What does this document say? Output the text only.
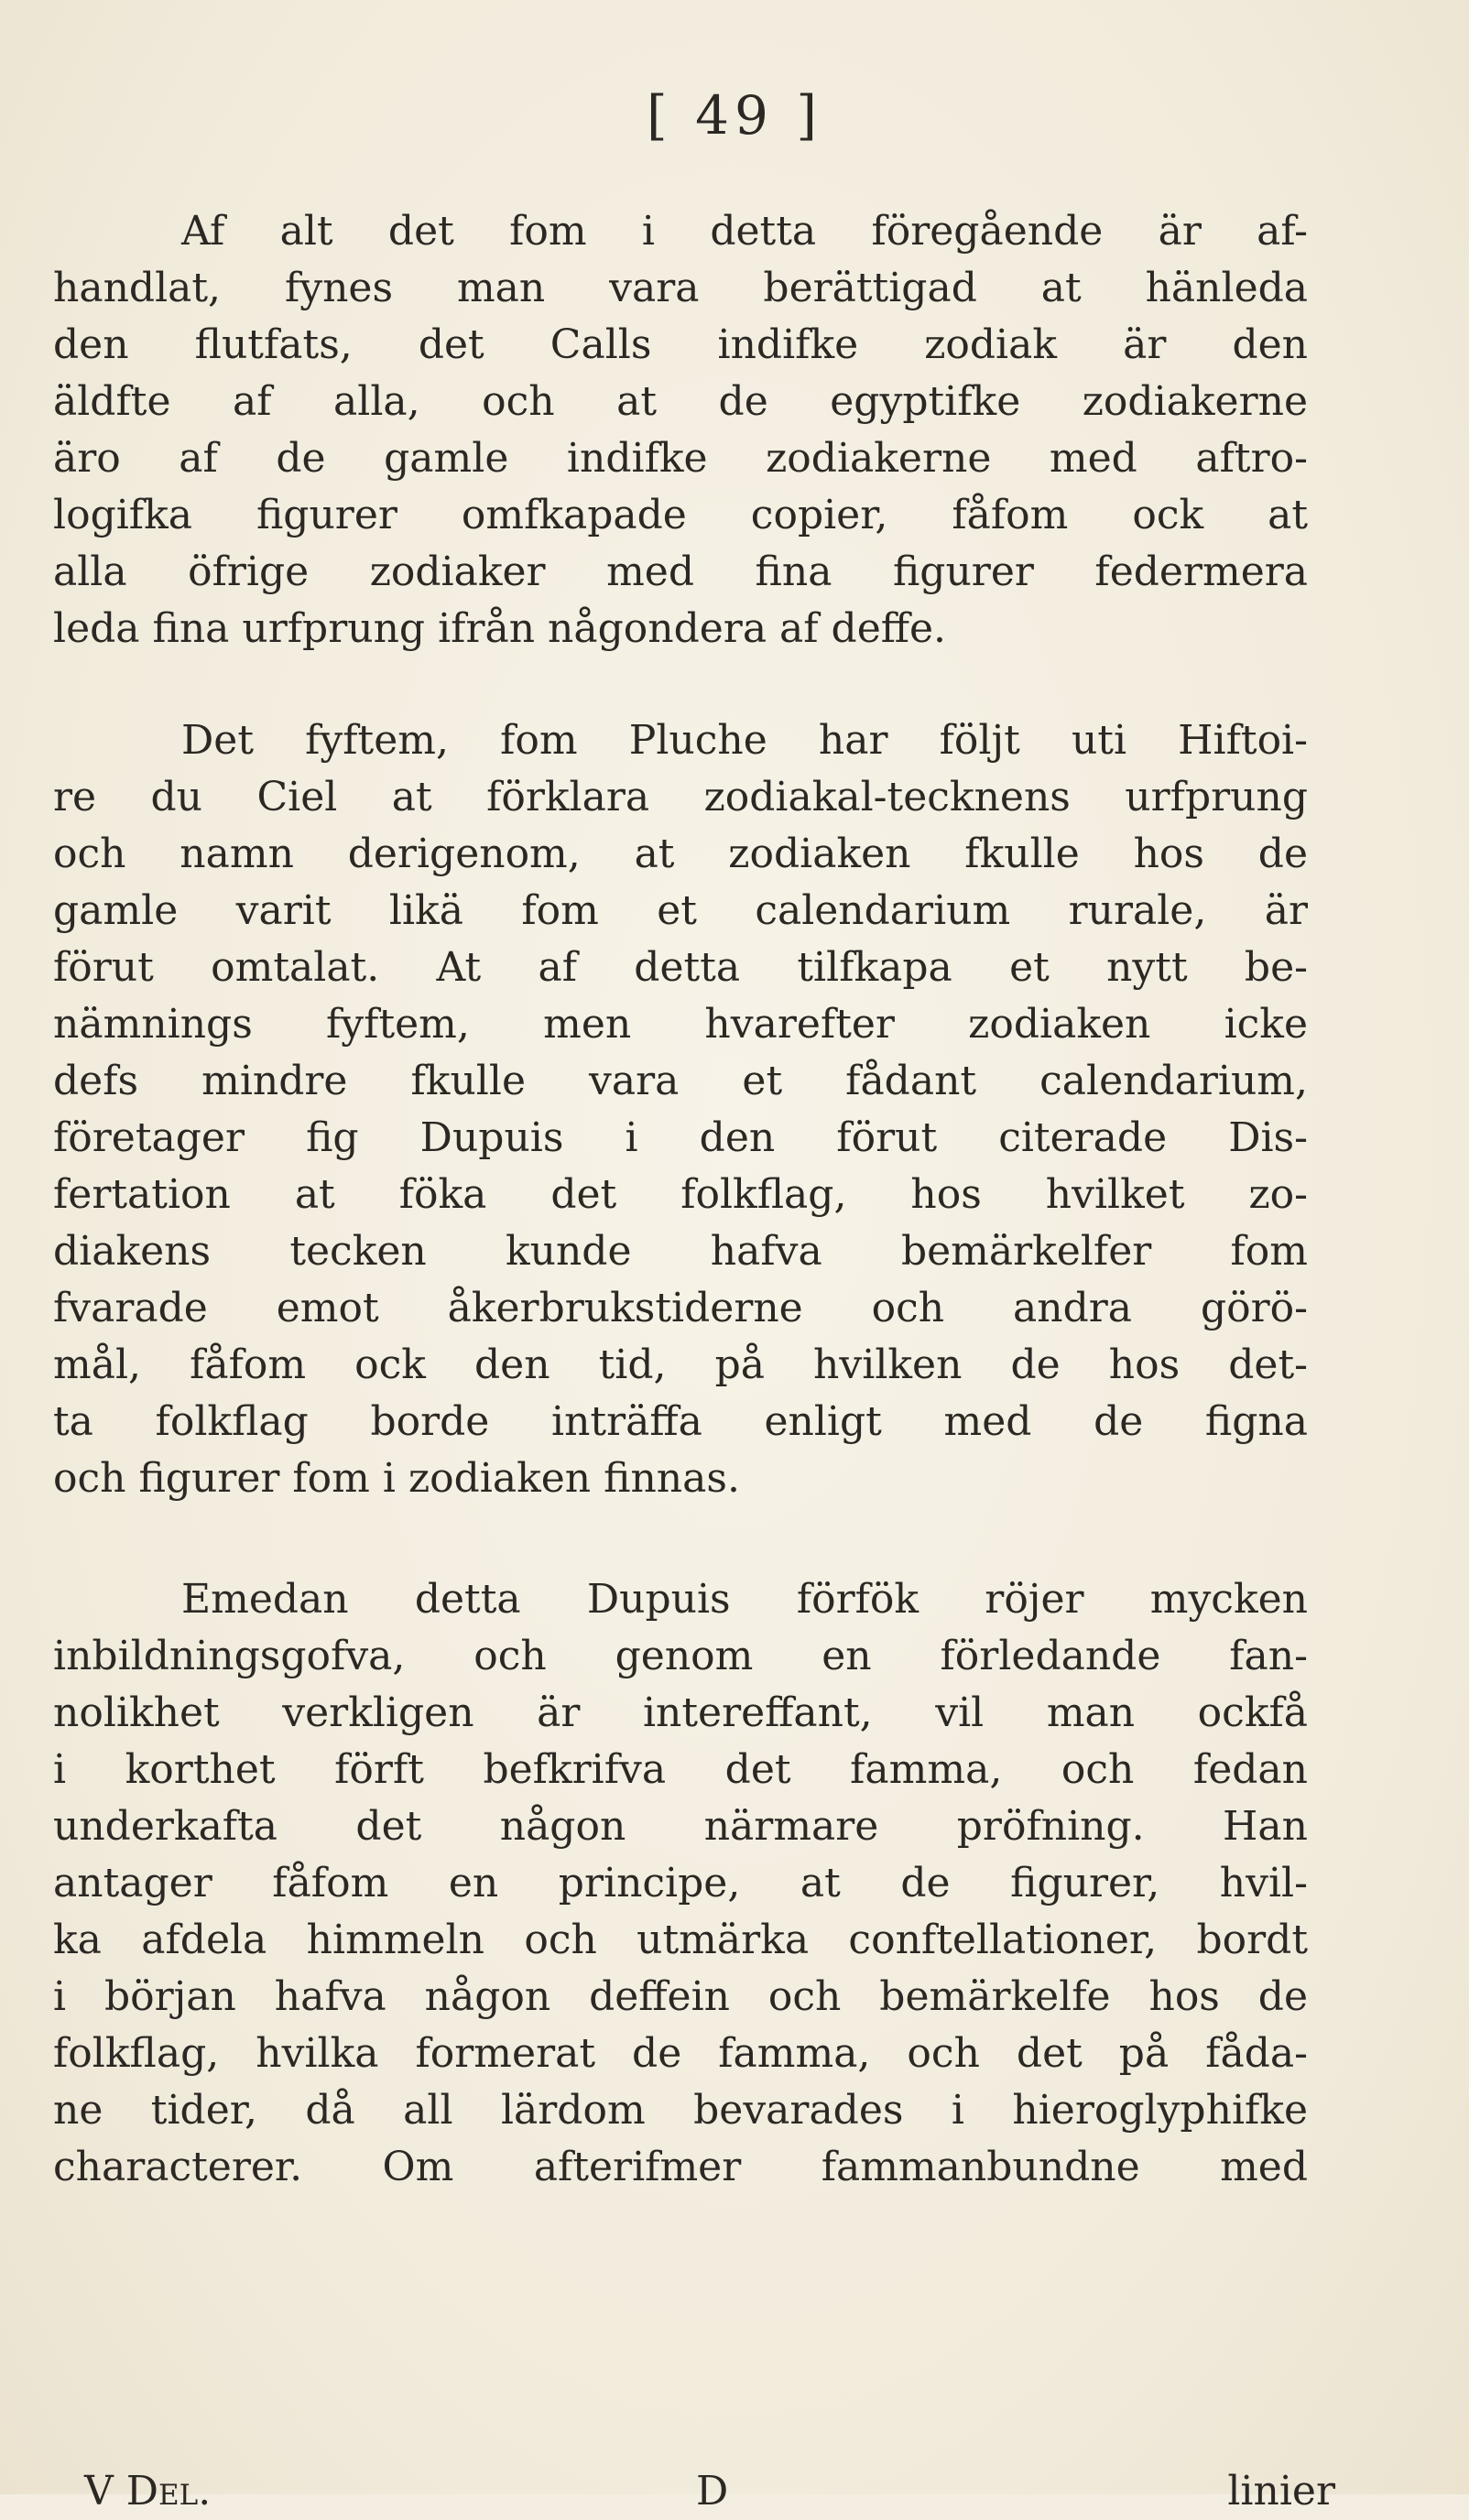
[ 49 ]
Af alt det fom i detta föregående är af-
handlat, fynes man vara berättigad at hänleda
den flutfats, det Calls indifke zodiak är den
äldfte af alla, och at de egyptifke zodiakerne
äro af de gamle indifke zodiakerne med aftro-
logifka figurer omfkapade copier, fåfom ock at
alla öfrige zodiaker med fina figurer federmera
leda fina urfprung ifrån någondera af deffe.
Det fyftem, fom Pluche har följt uti Hiftoi-
re du Ciel at förklara zodiakal-tecknens urfprung
och namn derigenom, at zodiaken fkulle hos de
gamle varit likä fom et calendarium rurale, är
förut omtalat. At af detta tilfkapa et nytt be-
nämnings fyftem, men hvarefter zodiaken icke
defs mindre fkulle vara et fådant calendarium,
företager fig Dupuis i den förut citerade Dis-
fertation at föka det folkflag, hos hvilket zo-
diakens tecken kunde hafva bemärkelfer fom
fvarade emot åkerbrukstiderne och andra görö-
mål, fåfom ock den tid, på hvilken de hos det-
ta folkflag borde inträffa enligt med de figna
och figurer fom i zodiaken finnas.
Emedan detta Dupuis förfök röjer mycken
inbildningsgofva, och genom en förledande fan-
nolikhet verkligen är intereffant, vil man ockfå
i korthet förft befkrifva det famma, och fedan
underkafta det någon närmare pröfning. Han
antager fåfom en principe, at de figurer, hvil-
ka afdela himmeln och utmärka conftellationer, bordt
i början hafva någon deffein och bemärkelfe hos de
folkflag, hvilka formerat de famma, och det på fåda-
ne tider, då all lärdom bevarades i hieroglyphifke
characterer. Om afterifmer fammanbundne med
V Del.	D	linier
